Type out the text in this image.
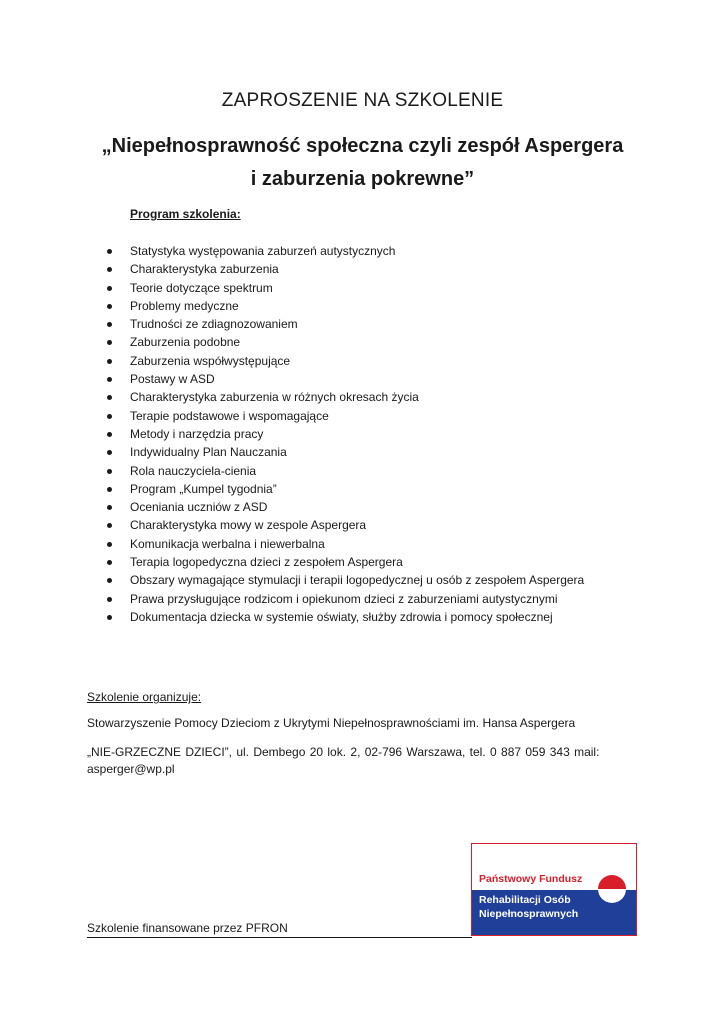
ZAPROSZENIE NA SZKOLENIE
„Niepełnosprawność społeczna czyli zespół Aspergera
i zaburzenia pokrewne”

Program szkolenia:

Statystyka występowania zaburzeń autystycznych
Charakterystyka zaburzenia
Teorie dotyczące spektrum
Problemy medyczne
Trudności ze zdiagnozowaniem
Zaburzenia podobne
Zaburzenia współwystępujące
Postawy w ASD
Charakterystyka zaburzenia w różnych okresach życia
Terapie podstawowe i wspomagające
Metody i narzędzia pracy
Indywidualny Plan Nauczania
Rola nauczyciela-cienia
Program „Kumpel tygodnia”
Oceniania uczniów z ASD
Charakterystyka mowy w zespole Aspergera
Komunikacja werbalna i niewerbalna
Terapia logopedyczna dzieci z zespołem Aspergera
Obszary wymagające stymulacji i terapii logopedycznej u osób z zespołem Aspergera
Prawa przysługujące rodzicom i opiekunom dzieci z zaburzeniami autystycznymi
Dokumentacja dziecka w systemie oświaty, służby zdrowia i pomocy społecznej

Szkolenie organizuje:

Stowarzyszenie Pomocy Dzieciom z Ukrytymi Niepełnosprawnościami im. Hansa Aspergera

„NIE-GRZECZNE DZIECI”, ul. Dembego 20 lok. 2, 02-796 Warszawa, tel. 0 887 059 343 mail: asperger@wp.pl

Szkolenie finansowane przez PFRON

Państwowy Fundusz
Rehabilitacji Osób
Niepełnosprawnych
